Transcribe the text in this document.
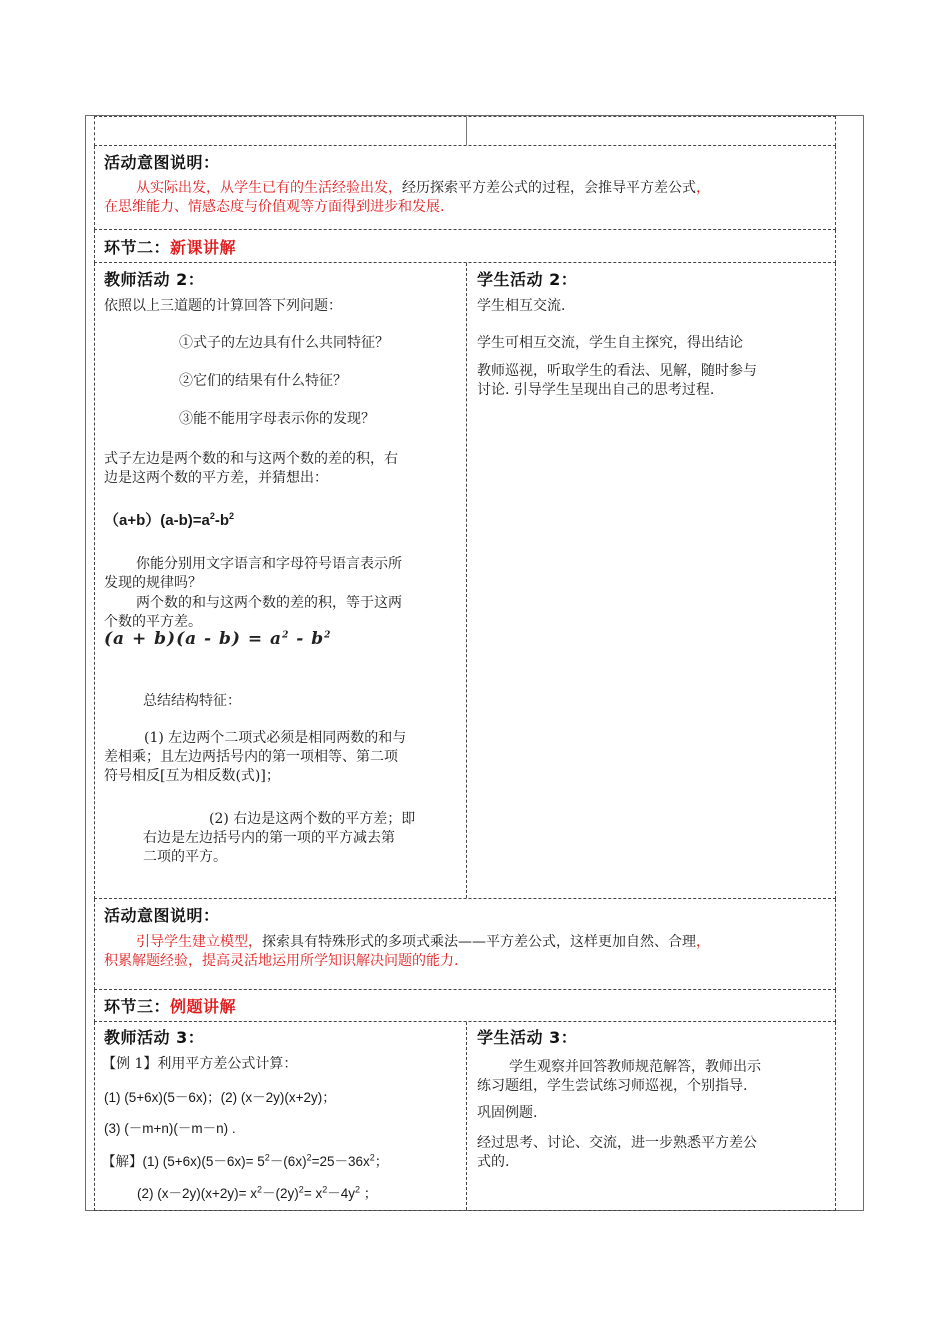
活动意图说明：

从实际出发，从学生已有的生活经验出发，经历探索平方差公式的过程，会推导平方差公式，
在思维能力、情感态度与价值观等方面得到进步和发展.

环节二：新课讲解
教师活动 2：

依照以上三道题的计算回答下列问题：

①式子的左边具有什么共同特征？

②它们的结果有什么特征？

③能不能用字母表示你的发现？

式子左边是两个数的和与这两个数的差的积，右
边是这两个数的平方差，并猜想出：

$(a+b)(a-b)=a^2-b^2$

你能分别用文字语言和字母符号语言表示所
发现的规律吗？

两个数的和与这两个数的差的积，等于这两
个数的平方差。

$(a + b)(a - b) = a^2 - b^2$

总结结构特征：

(1) 左边两个二项式必须是相同两数的和与
差相乘；且左边两括号内的第一项相等、第二项
符号相反[互为相反数(式)]；

(2) 右边是这两个数的平方差；即
右边是左边括号内的第一项的平方减去第
二项的平方。

学生活动 2：

学生相互交流.

学生可相互交流，学生自主探究，得出结论

教师巡视，听取学生的看法、见解，随时参与
讨论. 引导学生呈现出自己的思考过程.

活动意图说明：

引导学生建立模型，探索具有特殊形式的多项式乘法——平方差公式，这样更加自然、合理，
积累解题经验，提高灵活地运用所学知识解决问题的能力.

环节三：例题讲解
教师活动 3：

【例 1】利用平方差公式计算：

(1) (5+6x)(5－6x)；(2) (x－2y)(x+2y)；

(3) (－m+n)(－m－n) .

【解】(1) $(5+6x)(5-6x)= 5^2-(6x)^2=25-36x^2$；

(2) $(x-2y)(x+2y)= x^2-(2y)^2= x^2-4y^2$ ；

学生活动 3：

学生观察并回答教师规范解答，教师出示
练习题组，学生尝试练习师巡视，个别指导.

巩固例题.

经过思考、讨论、交流，进一步熟悉平方差公
式的.
